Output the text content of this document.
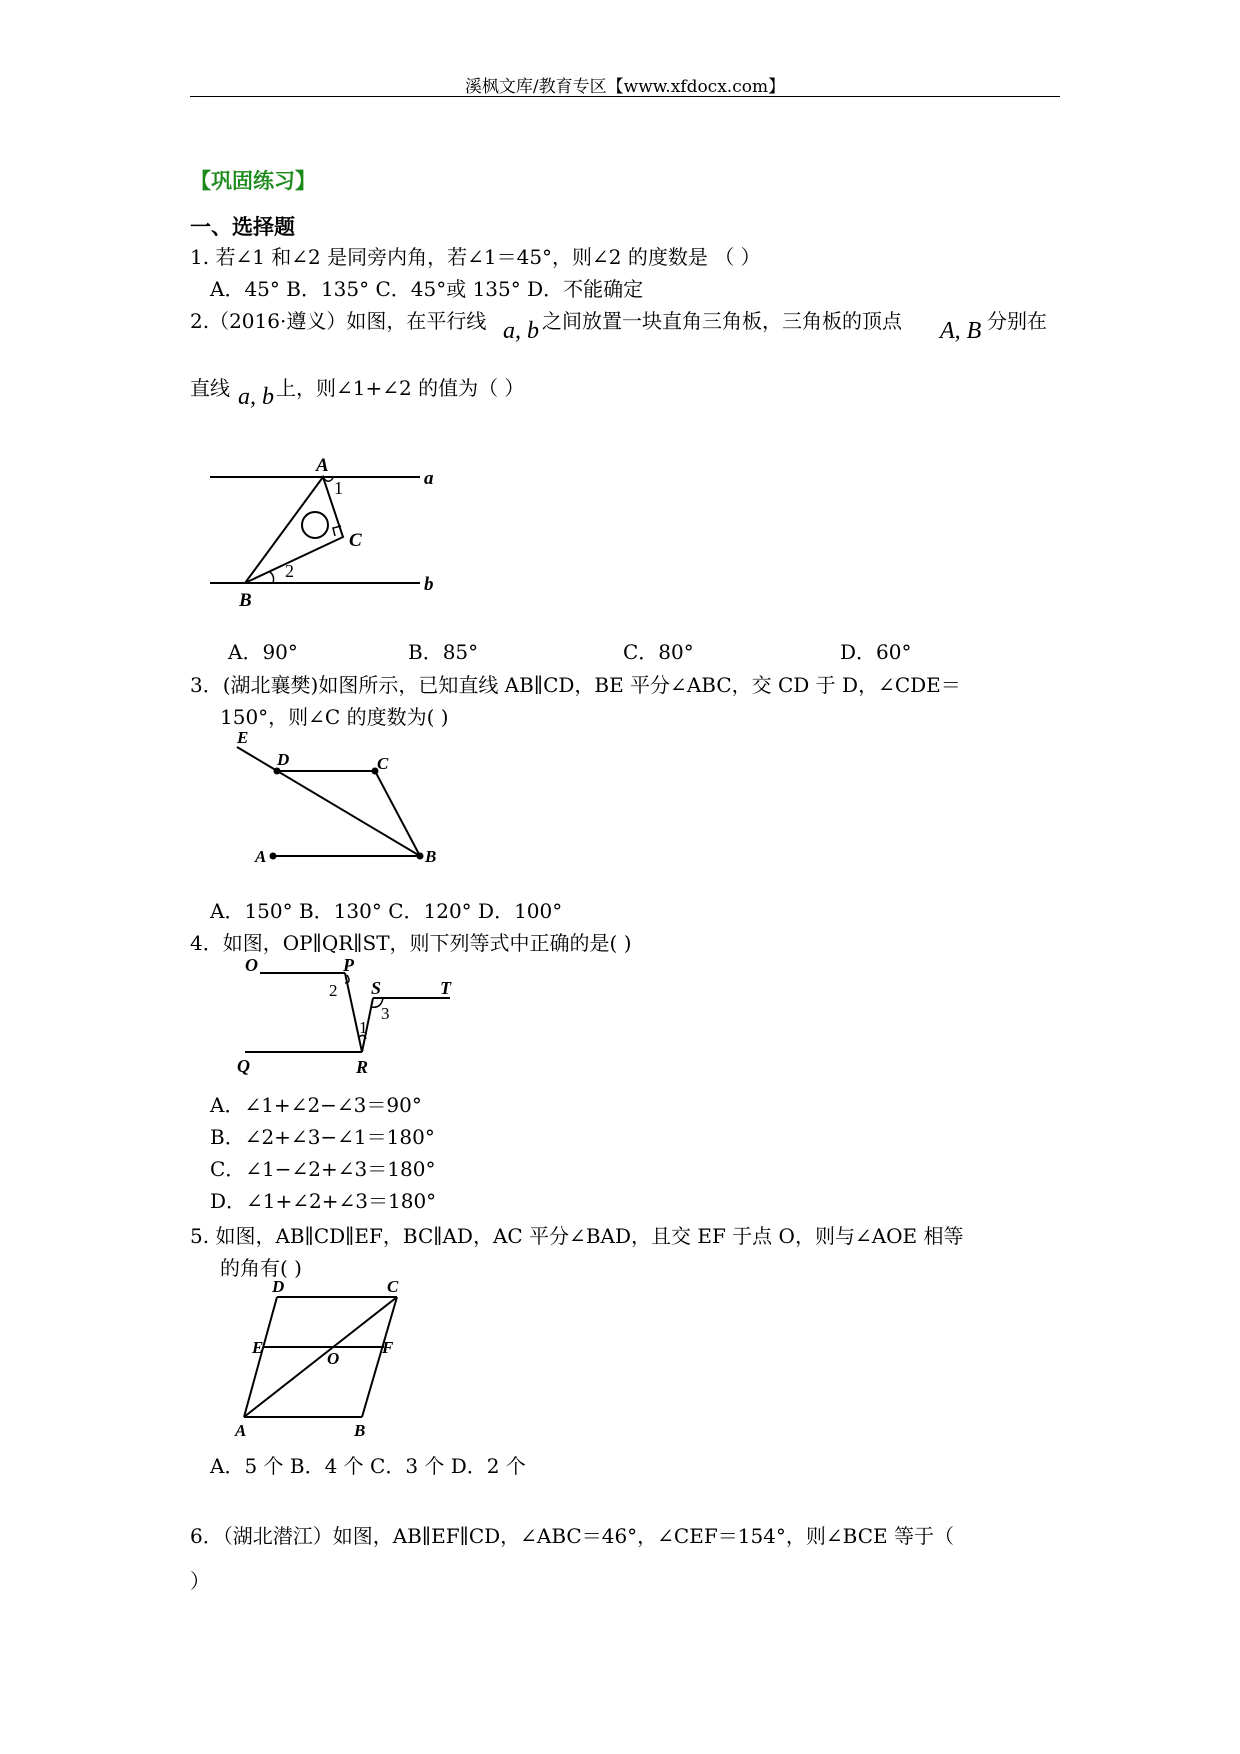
溪枫文库/教育专区【www.xfdocx.com】
【巩固练习】
一、选择题
1. 若∠1 和∠2 是同旁内角，若∠1＝45°，则∠2 的度数是 （ ）
A．45° B．135° C．45°或 135° D．不能确定
2.（2016·遵义）如图，在平行线 a, b 之间放置一块直角三角板，三角板的顶点 A, B 分别在
直线 a, b 上，则∠1+∠2 的值为（ ）
A
B
C
a
b
1
2
A．90°	B．85°	C．80°	D．60°
3．(湖北襄樊)如图所示，已知直线 AB∥CD，BE 平分∠ABC，交 CD 于 D，∠CDE＝
150°，则∠C 的度数为( )
E
D	C
A	B
A．150° B．130° C．120° D．100°
4．如图，OP∥QR∥ST，则下列等式中正确的是( )
O	P
S	T
Q	R
1
2
3
A．∠1+∠2−∠3＝90°
B．∠2+∠3−∠1＝180°
C．∠1−∠2+∠3＝180°
D．∠1+∠2+∠3＝180°
5. 如图，AB∥CD∥EF，BC∥AD，AC 平分∠BAD，且交 EF 于点 O，则与∠AOE 相等
的角有( )
D	C
E	F
O
A	B
A．5 个 B．4 个 C．3 个 D．2 个
6．（湖北潜江）如图，AB∥EF∥CD，∠ABC＝46°，∠CEF＝154°，则∠BCE 等于（
）
